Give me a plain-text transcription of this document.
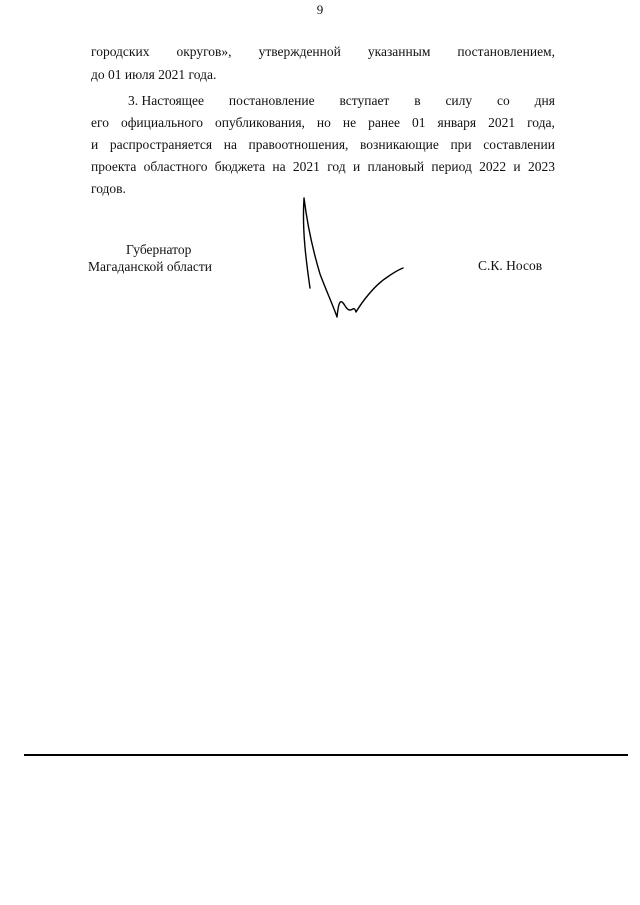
9
городских округов», утвержденной указанным постановлением,
до 01 июля 2021 года.
3. Настоящее постановление вступает в силу со дня
его официального опубликования, но не ранее 01 января 2021 года,
и распространяется на правоотношения, возникающие при составлении
проекта областного бюджета на 2021 год и плановый период 2022 и 2023
годов.
Губернатор
Магаданской области	С.К. Носов
